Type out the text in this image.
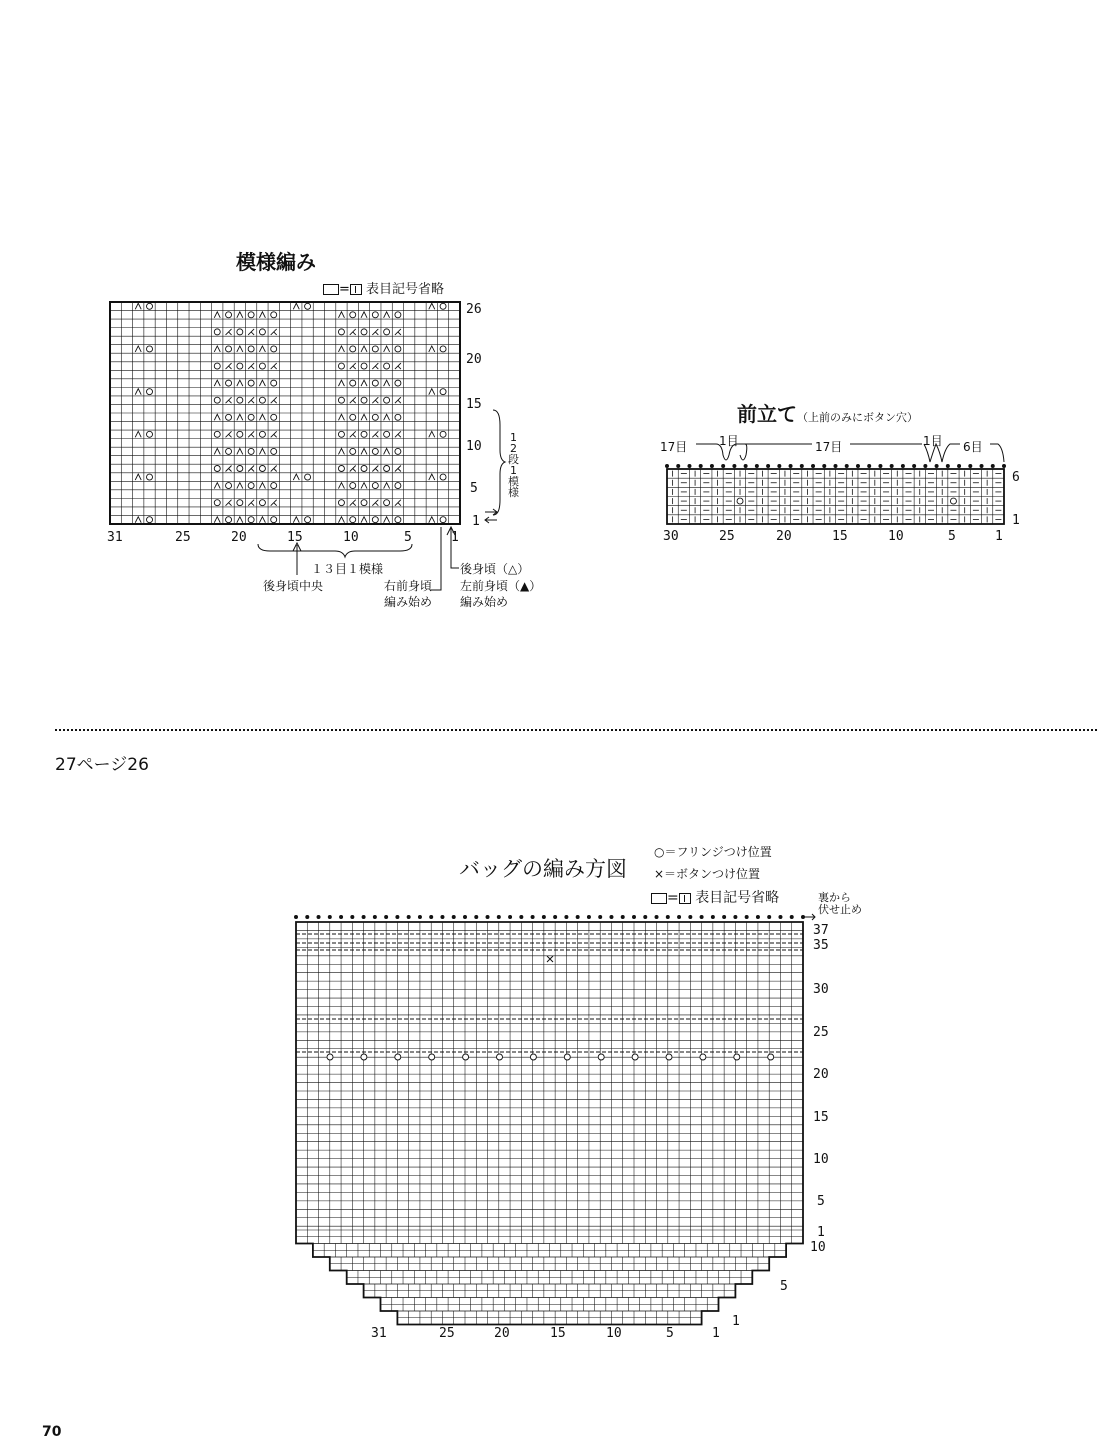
模様編み
= 表目記号省略
26
20
15
10
5
1
1
2
段
1
模
様
31	25	20	15	10	5	1
１３目１模様
後身頃中央	右前身頃
編み始め
後身頃（△）
左前身頃（▲）
編み始め
前立て（上前のみにボタン穴）
17目	1目	17目	1目 6目
6
1
30	25	20	15	10	5	1
27ページ26
バッグの編み方図
○＝フリンジつけ位置
×＝ボタンつけ位置
= 表目記号省略	裏から
伏せ止め
37
35
30
25
20
15
10
5
1
10
5
1
31	25	20	15	10	5	1
70
